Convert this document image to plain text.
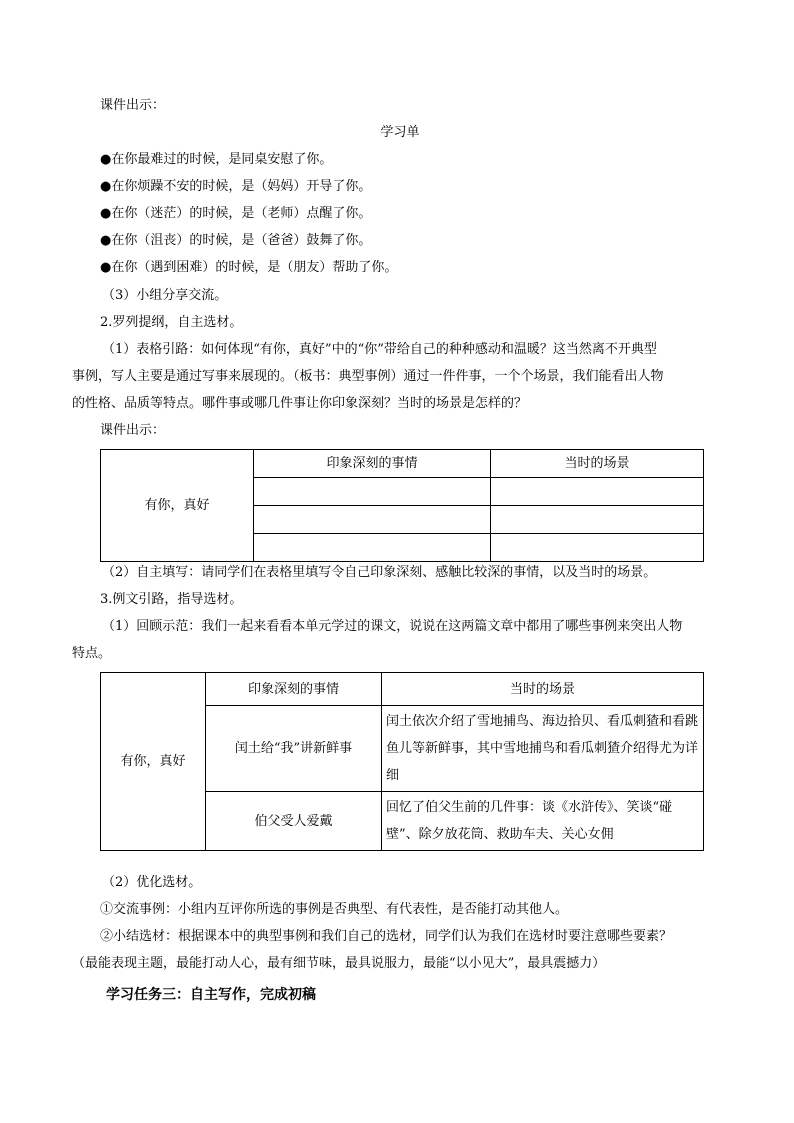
课件出示：
学习单
●在你最难过的时候，是同桌安慰了你。
●在你烦躁不安的时候，是（妈妈）开导了你。
●在你（迷茫）的时候，是（老师）点醒了你。
●在你（沮丧）的时候，是（爸爸）鼓舞了你。
●在你（遇到困难）的时候，是（朋友）帮助了你。
（3）小组分享交流。
2.罗列提纲，自主选材。
（1）表格引路：如何体现“有你，真好”中的“你”带给自己的种种感动和温暖？这当然离不开典型
事例，写人主要是通过写事来展现的。（板书：典型事例）通过一件件事，一个个场景，我们能看出人物
的性格、品质等特点。哪件事或哪几件事让你印象深刻？当时的场景是怎样的？
课件出示：
有你，真好	印象深刻的事情	当时的场景

（2）自主填写：请同学们在表格里填写令自己印象深刻、感触比较深的事情，以及当时的场景。
3.例文引路，指导选材。
（1）回顾示范：我们一起来看看本单元学过的课文，说说在这两篇文章中都用了哪些事例来突出人物
特点。
有你，真好	印象深刻的事情	当时的场景
	闰土给“我”讲新鲜事	闰土依次介绍了雪地捕鸟、海边拾贝、看瓜刺猹和看跳鱼儿等新鲜事，其中雪地捕鸟和看瓜刺猹介绍得尤为详细
	伯父受人爱戴	回忆了伯父生前的几件事：谈《水浒传》、笑谈“碰壁”、除夕放花筒、救助车夫、关心女佣
（2）优化选材。
①交流事例：小组内互评你所选的事例是否典型、有代表性，是否能打动其他人。
②小结选材：根据课本中的典型事例和我们自己的选材，同学们认为我们在选材时要注意哪些要素？
（最能表现主题，最能打动人心，最有细节味，最具说服力，最能“以小见大”，最具震撼力）
学习任务三：自主写作，完成初稿
